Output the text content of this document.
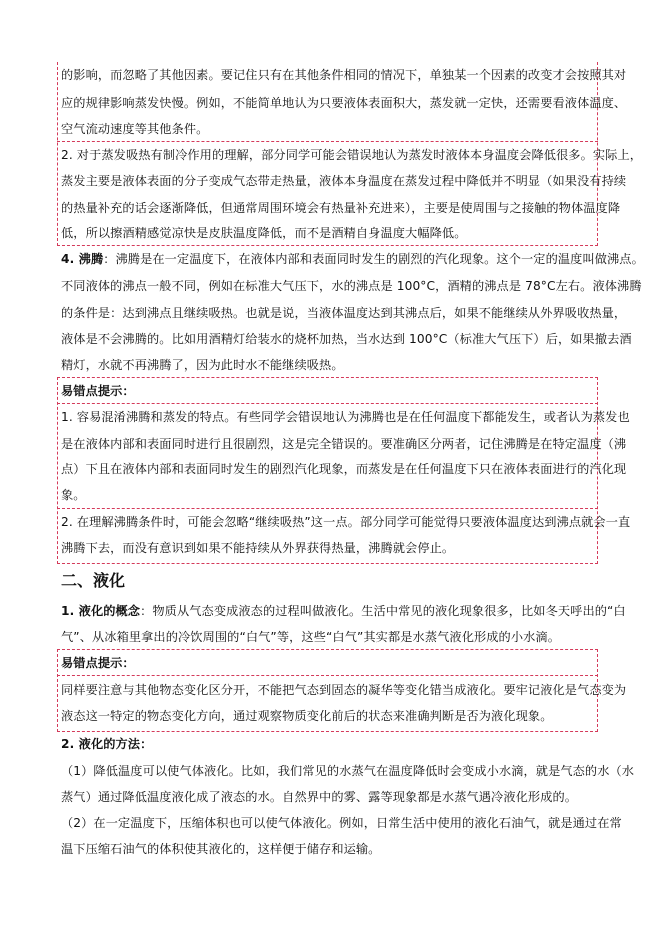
的影响，而忽略了其他因素。要记住只有在其他条件相同的情况下，单独某一个因素的改变才会按照其对
应的规律影响蒸发快慢。例如，不能简单地认为只要液体表面积大，蒸发就一定快，还需要看液体温度、
空气流动速度等其他条件。
2. 对于蒸发吸热有制冷作用的理解，部分同学可能会错误地认为蒸发时液体本身温度会降低很多。实际上，
蒸发主要是液体表面的分子变成气态带走热量，液体本身温度在蒸发过程中降低并不明显（如果没有持续
的热量补充的话会逐渐降低，但通常周围环境会有热量补充进来），主要是使周围与之接触的物体温度降
低，所以擦酒精感觉凉快是皮肤温度降低，而不是酒精自身温度大幅降低。
4. 沸腾：沸腾是在一定温度下，在液体内部和表面同时发生的剧烈的汽化现象。这个一定的温度叫做沸点。
不同液体的沸点一般不同，例如在标准大气压下，水的沸点是 100°C，酒精的沸点是 78°C左右。液体沸腾
的条件是：达到沸点且继续吸热。也就是说，当液体温度达到其沸点后，如果不能继续从外界吸收热量，
液体是不会沸腾的。比如用酒精灯给装水的烧杯加热，当水达到 100°C（标准大气压下）后，如果撤去酒
精灯，水就不再沸腾了，因为此时水不能继续吸热。
易错点提示：
1. 容易混淆沸腾和蒸发的特点。有些同学会错误地认为沸腾也是在任何温度下都能发生，或者认为蒸发也
是在液体内部和表面同时进行且很剧烈，这是完全错误的。要准确区分两者，记住沸腾是在特定温度（沸
点）下且在液体内部和表面同时发生的剧烈汽化现象，而蒸发是在任何温度下只在液体表面进行的汽化现
象。
2. 在理解沸腾条件时，可能会忽略“继续吸热”这一点。部分同学可能觉得只要液体温度达到沸点就会一直
沸腾下去，而没有意识到如果不能持续从外界获得热量，沸腾就会停止。
二、液化
1. 液化的概念：物质从气态变成液态的过程叫做液化。生活中常见的液化现象很多，比如冬天呼出的“白
气”、从冰箱里拿出的冷饮周围的“白气”等，这些“白气”其实都是水蒸气液化形成的小水滴。
易错点提示：
同样要注意与其他物态变化区分开，不能把气态到固态的凝华等变化错当成液化。要牢记液化是气态变为
液态这一特定的物态变化方向，通过观察物质变化前后的状态来准确判断是否为液化现象。
2. 液化的方法：
（1）降低温度可以使气体液化。比如，我们常见的水蒸气在温度降低时会变成小水滴，就是气态的水（水
蒸气）通过降低温度液化成了液态的水。自然界中的雾、露等现象都是水蒸气遇冷液化形成的。
（2）在一定温度下，压缩体积也可以使气体液化。例如，日常生活中使用的液化石油气，就是通过在常
温下压缩石油气的体积使其液化的，这样便于储存和运输。
